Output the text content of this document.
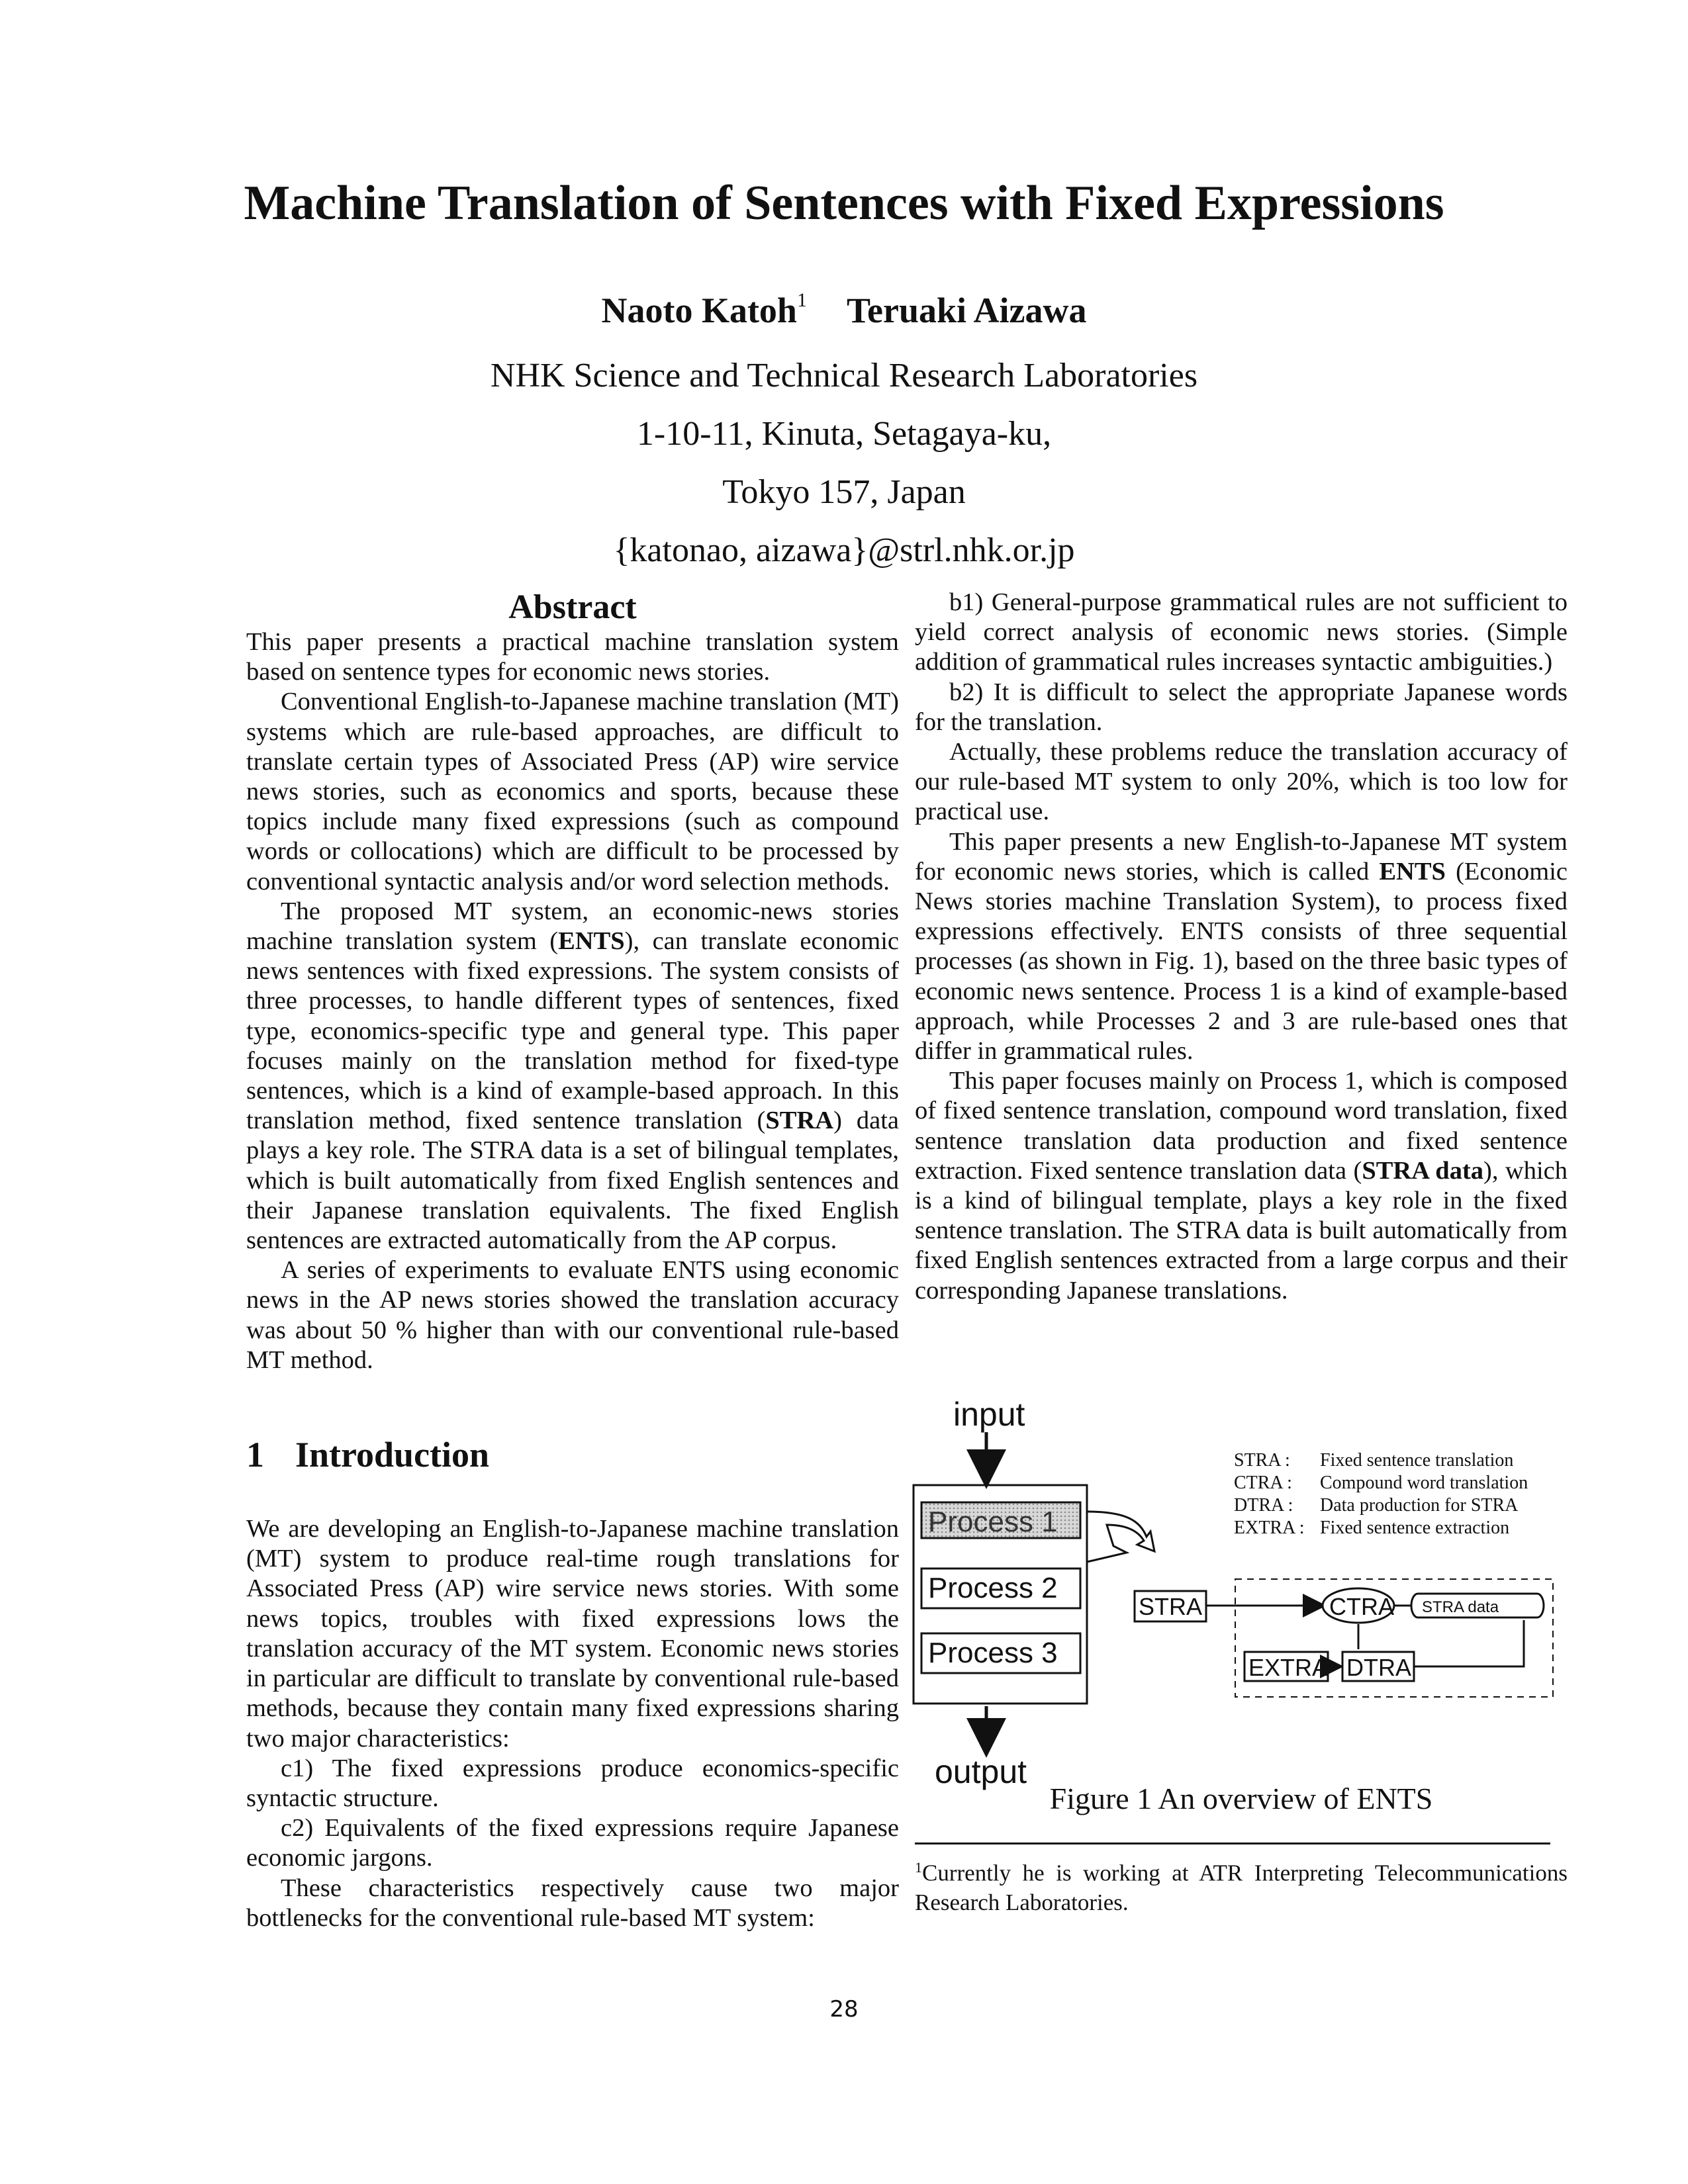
Machine Translation of Sentences with Fixed Expressions
Naoto Katoh$^1$ Teruaki Aizawa
NHK Science and Technical Research Laboratories
1-10-11, Kinuta, Setagaya-ku,
Tokyo 157, Japan
{katonao, aizawa}@strl.nhk.or.jp
Abstract

This paper presents a practical machine translation system based on sentence types for economic news stories.

Conventional English-to-Japanese machine translation (MT) systems which are rule-based approaches, are difficult to translate certain types of Associated Press (AP) wire service news stories, such as economics and sports, because these topics include many fixed expressions (such as compound words or collocations) which are difficult to be processed by conventional syntactic analysis and/or word selection methods.

The proposed MT system, an economic-news stories machine translation system (ENTS), can translate economic news sentences with fixed expressions. The system consists of three processes, to handle different types of sentences, fixed type, economics-specific type and general type. This paper focuses mainly on the translation method for fixed-type sentences, which is a kind of example-based approach. In this translation method, fixed sentence translation (STRA) data plays a key role. The STRA data is a set of bilingual templates, which is built automatically from fixed English sentences and their Japanese translation equivalents. The fixed English sentences are extracted automatically from the AP corpus.

A series of experiments to evaluate ENTS using economic news in the AP news stories showed the translation accuracy was about 50 % higher than with our conventional rule-based MT method.

1 Introduction

We are developing an English-to-Japanese machine translation (MT) system to produce real-time rough translations for Associated Press (AP) wire service news stories. With some news topics, troubles with fixed expressions lows the translation accuracy of the MT system. Economic news stories in particular are difficult to translate by conventional rule-based methods, because they contain many fixed expressions sharing two major characteristics:

c1) The fixed expressions produce economics-specific syntactic structure.

c2) Equivalents of the fixed expressions require Japanese economic jargons.

These characteristics respectively cause two major bottlenecks for the conventional rule-based MT system:

b1) General-purpose grammatical rules are not sufficient to yield correct analysis of economic news stories. (Simple addition of grammatical rules increases syntactic ambiguities.)

b2) It is difficult to select the appropriate Japanese words for the translation.

Actually, these problems reduce the translation accuracy of our rule-based MT system to only 20%, which is too low for practical use.

This paper presents a new English-to-Japanese MT system for economic news stories, which is called ENTS (Economic News stories machine Translation System), to process fixed expressions effectively. ENTS consists of three sequential processes (as shown in Fig. 1), based on the three basic types of economic news sentence. Process 1 is a kind of example-based approach, while Processes 2 and 3 are rule-based ones that differ in grammatical rules.

This paper focuses mainly on Process 1, which is composed of fixed sentence translation, compound word translation, fixed sentence translation data production and fixed sentence extraction. Fixed sentence translation data (STRA data), which is a kind of bilingual template, plays a key role in the fixed sentence translation. The STRA data is built automatically from fixed English sentences extracted from a large corpus and their corresponding Japanese translations.

input
Process 1
Process 2
Process 3
output
STRA	CTRA STRA data
EXTRA DTRA
STRA : Fixed sentence translation
CTRA : Compound word translation
DTRA : Data production for STRA
EXTRA : Fixed sentence extraction
Figure 1 An overview of ENTS
$^1$Currently he is working at ATR Interpreting Telecommunications Research Laboratories.
28
